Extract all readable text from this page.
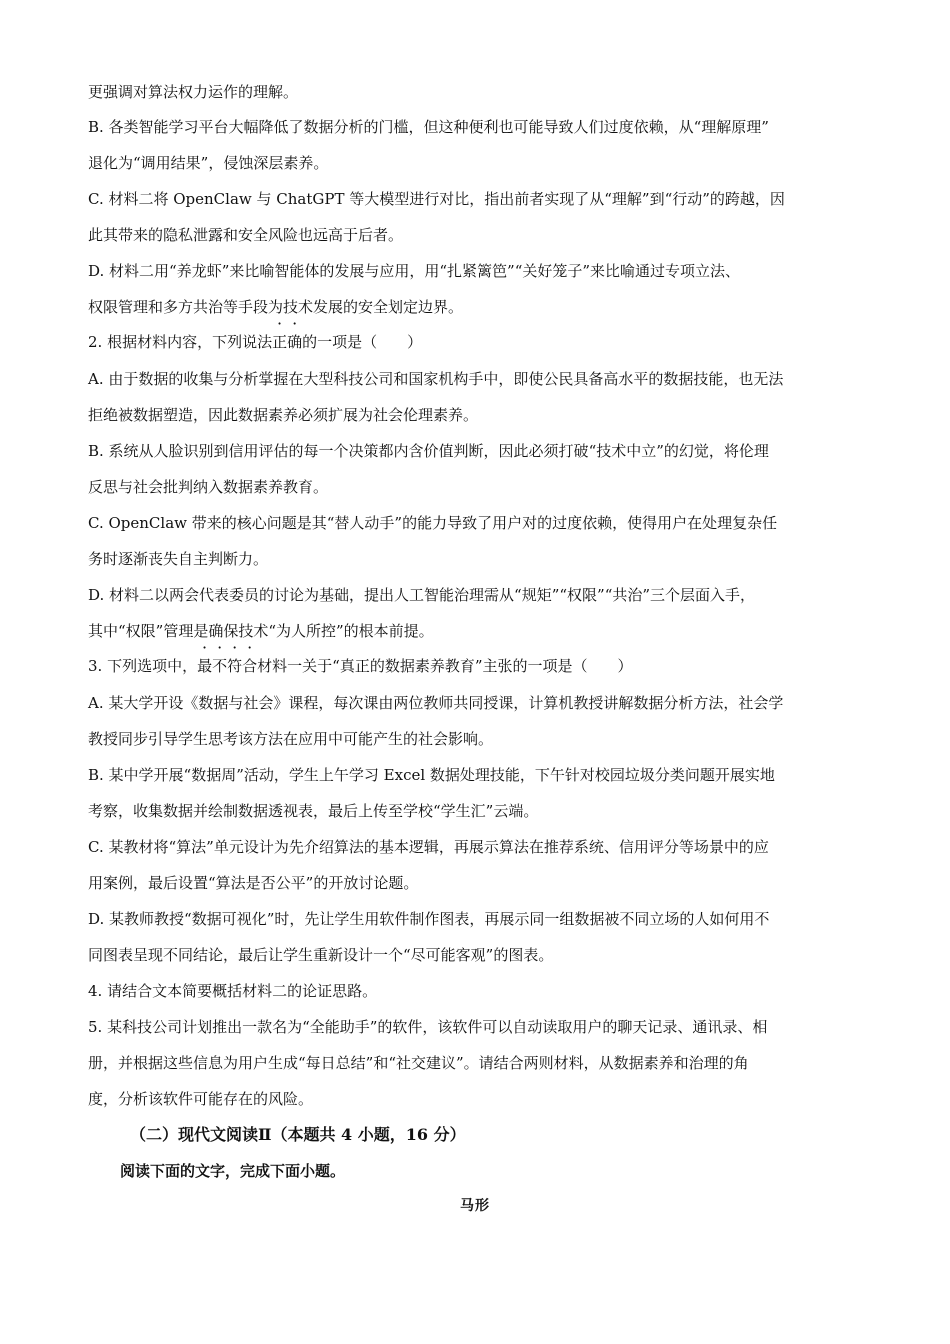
更强调对算法权力运作的理解。
B. 各类智能学习平台大幅降低了数据分析的门槛，但这种便利也可能导致人们过度依赖，从“理解原理”
退化为“调用结果”，侵蚀深层素养。
C. 材料二将 OpenClaw 与 ChatGPT 等大模型进行对比，指出前者实现了从“理解”到“行动”的跨越，因
此其带来的隐私泄露和安全风险也远高于后者。
D. 材料二用“养龙虾”来比喻智能体的发展与应用，用“扎紧篱笆”“关好笼子”来比喻通过专项立法、
权限管理和多方共治等手段为技术发展的安全划定边界。
2. 根据材料内容，下列说法正确的一项是（　　）
A. 由于数据的收集与分析掌握在大型科技公司和国家机构手中，即使公民具备高水平的数据技能，也无法
拒绝被数据塑造，因此数据素养必须扩展为社会伦理素养。
B. 系统从人脸识别到信用评估的每一个决策都内含价值判断，因此必须打破“技术中立”的幻觉，将伦理
反思与社会批判纳入数据素养教育。
C. OpenClaw 带来的核心问题是其“替人动手”的能力导致了用户对的过度依赖，使得用户在处理复杂任
务时逐渐丧失自主判断力。
D. 材料二以两会代表委员的讨论为基础，提出人工智能治理需从“规矩”“权限”“共治”三个层面入手，
其中“权限”管理是确保技术“为人所控”的根本前提。
3. 下列选项中，最不符合材料一关于“真正的数据素养教育”主张的一项是（　　）
A. 某大学开设《数据与社会》课程，每次课由两位教师共同授课，计算机教授讲解数据分析方法，社会学
教授同步引导学生思考该方法在应用中可能产生的社会影响。
B. 某中学开展“数据周”活动，学生上午学习 Excel 数据处理技能，下午针对校园垃圾分类问题开展实地
考察，收集数据并绘制数据透视表，最后上传至学校“学生汇”云端。
C. 某教材将“算法”单元设计为先介绍算法的基本逻辑，再展示算法在推荐系统、信用评分等场景中的应
用案例，最后设置“算法是否公平”的开放讨论题。
D. 某教师教授“数据可视化”时，先让学生用软件制作图表，再展示同一组数据被不同立场的人如何用不
同图表呈现不同结论，最后让学生重新设计一个“尽可能客观”的图表。
4. 请结合文本简要概括材料二的论证思路。
5. 某科技公司计划推出一款名为“全能助手”的软件，该软件可以自动读取用户的聊天记录、通讯录、相
册，并根据这些信息为用户生成“每日总结”和“社交建议”。请结合两则材料，从数据素养和治理的角
度，分析该软件可能存在的风险。
（二）现代文阅读Ⅱ（本题共 4 小题，16 分）
阅读下面的文字，完成下面小题。
马形
